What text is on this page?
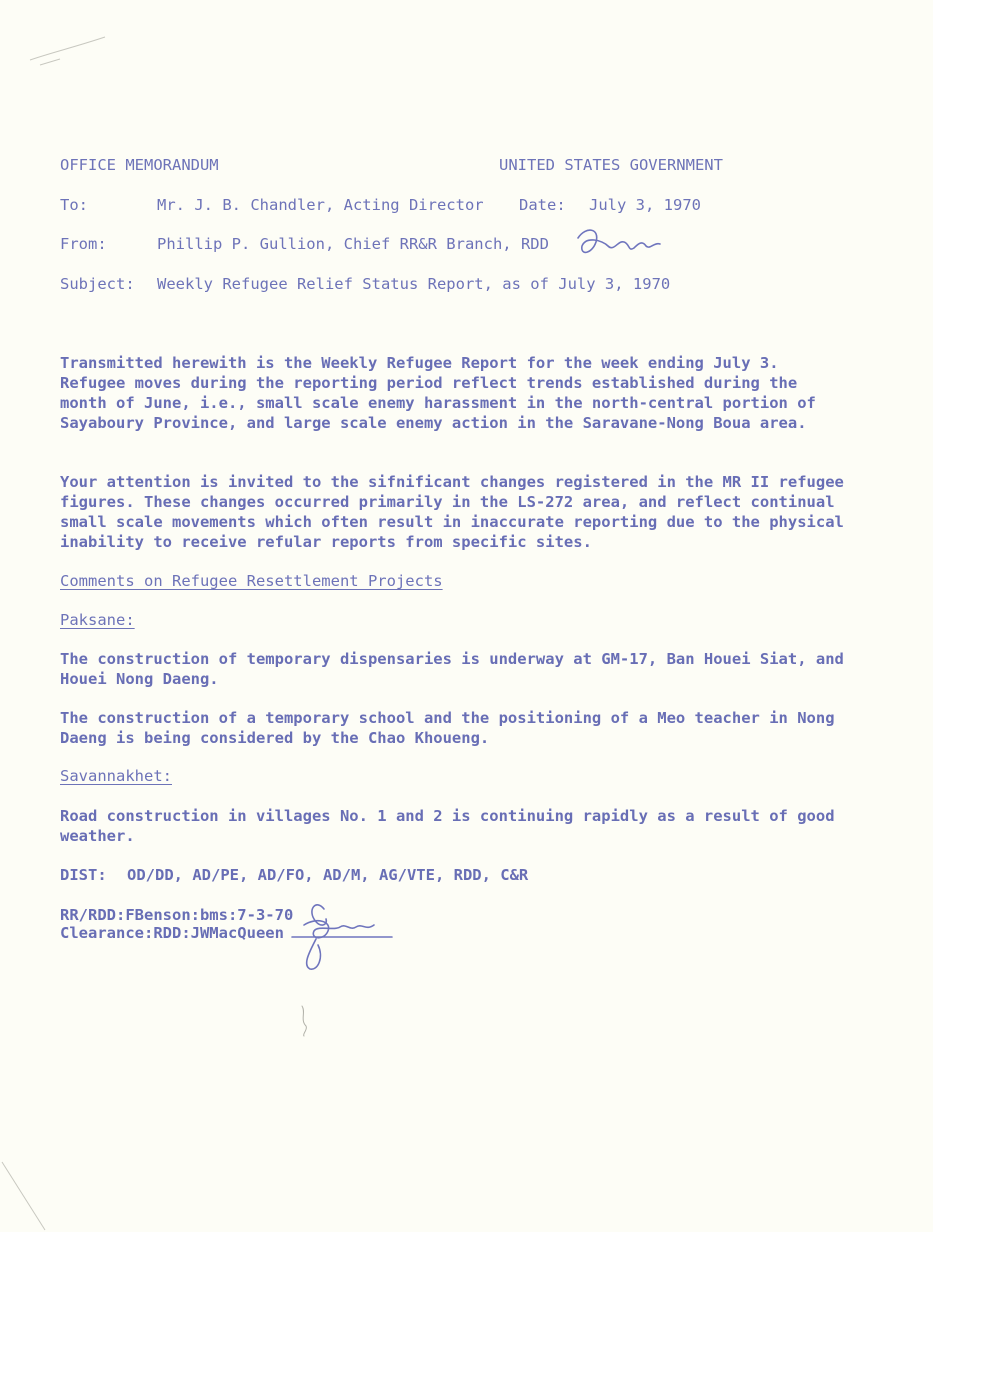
OFFICE MEMORANDUM	UNITED STATES GOVERNMENT

To:	Mr. J. B. Chandler, Acting Director Date: July 3, 1970

From:	Phillip P. Gullion, Chief RR&R Branch, RDD

Subject: Weekly Refugee Relief Status Report, as of July 3, 1970

Transmitted herewith is the Weekly Refugee Report for the week ending July 3. Refugee moves during the reporting period reflect trends established during the month of June, i.e., small scale enemy harassment in the north-central portion of Sayaboury Province, and large scale enemy action in the Saravane-Nong Boua area.

Your attention is invited to the sifnificant changes registered in the MR II refugee figures. These changes occurred primarily in the LS-272 area, and reflect continual small scale movements which often result in inaccurate reporting due to the physical inability to receive refular reports from specific sites.

Comments on Refugee Resettlement Projects

Paksane:

The construction of temporary dispensaries is underway at GM-17, Ban Houei Siat, and Houei Nong Daeng.

The construction of a temporary school and the positioning of a Meo teacher in Nong Daeng is being considered by the Chao Khoueng.

Savannakhet:

Road construction in villages No. 1 and 2 is continuing rapidly as a result of good weather.

DIST: OD/DD, AD/PE, AD/FO, AD/M, AG/VTE, RDD, C&R

RR/RDD:FBenson:bms:7-3-70

Clearance:RDD:JWMacQueen
